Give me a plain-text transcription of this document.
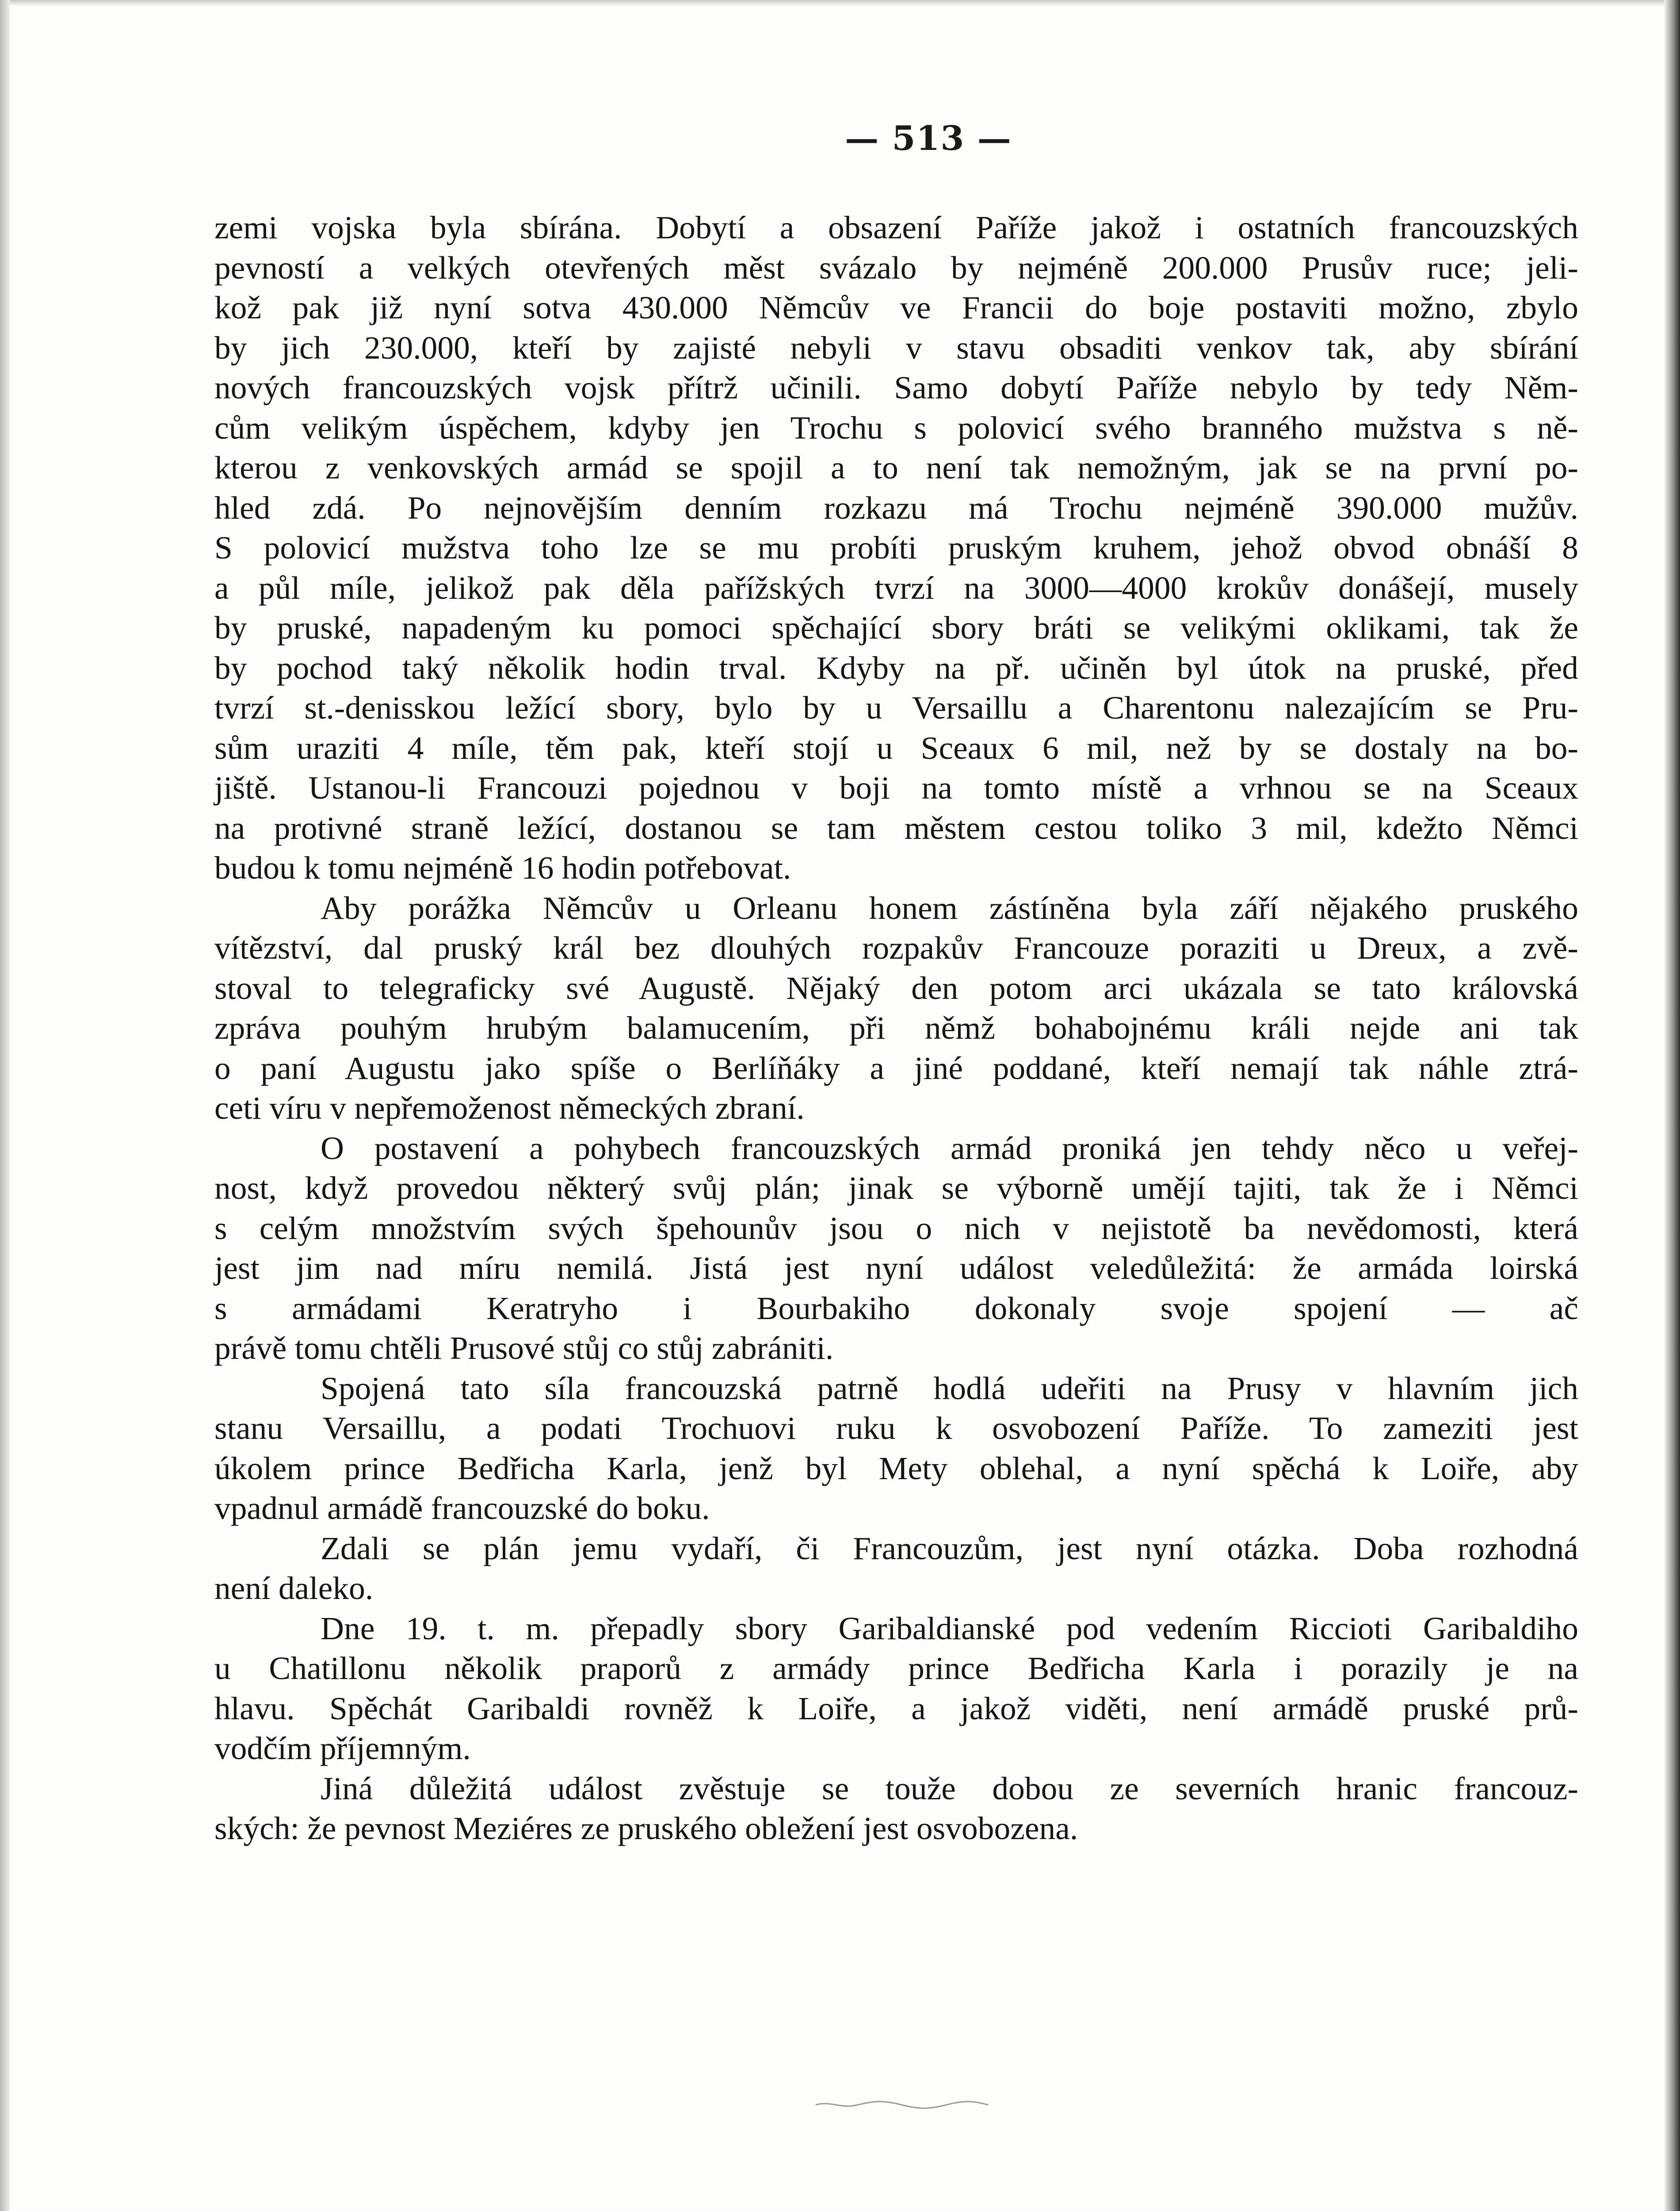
— 513 —
zemi vojska byla sbírána. Dobytí a obsazení Paříže jakož i ostatních francouzských
pevností a velkých otevřených měst svázalo by nejméně 200.000 Prusův ruce; jeli-
kož pak již nyní sotva 430.000 Němcův ve Francii do boje postaviti možno, zbylo
by jich 230.000, kteří by zajisté nebyli v stavu obsaditi venkov tak, aby sbírání
nových francouzských vojsk přítrž učinili. Samo dobytí Paříže nebylo by tedy Něm-
cům velikým úspěchem, kdyby jen Trochu s polovicí svého branného mužstva s ně-
kterou z venkovských armád se spojil a to není tak nemožným, jak se na první po-
hled zdá. Po nejnovějším denním rozkazu má Trochu nejméně 390.000 mužův.
S polovicí mužstva toho lze se mu probíti pruským kruhem, jehož obvod obnáší 8
a půl míle, jelikož pak děla pařížských tvrzí na 3000—4000 krokův donášejí, musely
by pruské, napadeným ku pomoci spěchající sbory bráti se velikými oklikami, tak že
by pochod taký několik hodin trval. Kdyby na př. učiněn byl útok na pruské, před
tvrzí st.-denisskou ležící sbory, bylo by u Versaillu a Charentonu nalezajícím se Pru-
sům uraziti 4 míle, těm pak, kteří stojí u Sceaux 6 mil, než by se dostaly na bo-
jiště. Ustanou-li Francouzi pojednou v boji na tomto místě a vrhnou se na Sceaux
na protivné straně ležící, dostanou se tam městem cestou toliko 3 mil, kdežto Němci
budou k tomu nejméně 16 hodin potřebovat.
Aby porážka Němcův u Orleanu honem zástíněna byla září nějakého pruského
vítězství, dal pruský král bez dlouhých rozpakův Francouze poraziti u Dreux, a zvě-
stoval to telegraficky své Augustě. Nějaký den potom arci ukázala se tato královská
zpráva pouhým hrubým balamucením, při němž bohabojnému králi nejde ani tak
o paní Augustu jako spíše o Berlíňáky a jiné poddané, kteří nemají tak náhle ztrá-
ceti víru v nepřemoženost německých zbraní.
O postavení a pohybech francouzských armád proniká jen tehdy něco u veřej-
nost, když provedou některý svůj plán; jinak se výborně umějí tajiti, tak že i Němci
s celým množstvím svých špehounův jsou o nich v nejistotě ba nevědomosti, která
jest jim nad míru nemilá. Jistá jest nyní událost veledůležitá: že armáda loirská
s armádami Keratryho i Bourbakiho dokonaly svoje spojení — ač
právě tomu chtěli Prusové stůj co stůj zabrániti.
Spojená tato síla francouzská patrně hodlá udeřiti na Prusy v hlavním jich
stanu Versaillu, a podati Trochuovi ruku k osvobození Paříže. To zameziti jest
úkolem prince Bedřicha Karla, jenž byl Mety oblehal, a nyní spěchá k Loiře, aby
vpadnul armádě francouzské do boku.
Zdali se plán jemu vydaří, či Francouzům, jest nyní otázka. Doba rozhodná
není daleko.
Dne 19. t. m. přepadly sbory Garibaldianské pod vedením Riccioti Garibaldiho
u Chatillonu několik praporů z armády prince Bedřicha Karla i porazily je na
hlavu. Spěchát Garibaldi rovněž k Loiře, a jakož viděti, není armádě pruské prů-
vodčím příjemným.
Jiná důležitá událost zvěstuje se touže dobou ze severních hranic francouz-
ských: že pevnost Meziéres ze pruského obležení jest osvobozena.
